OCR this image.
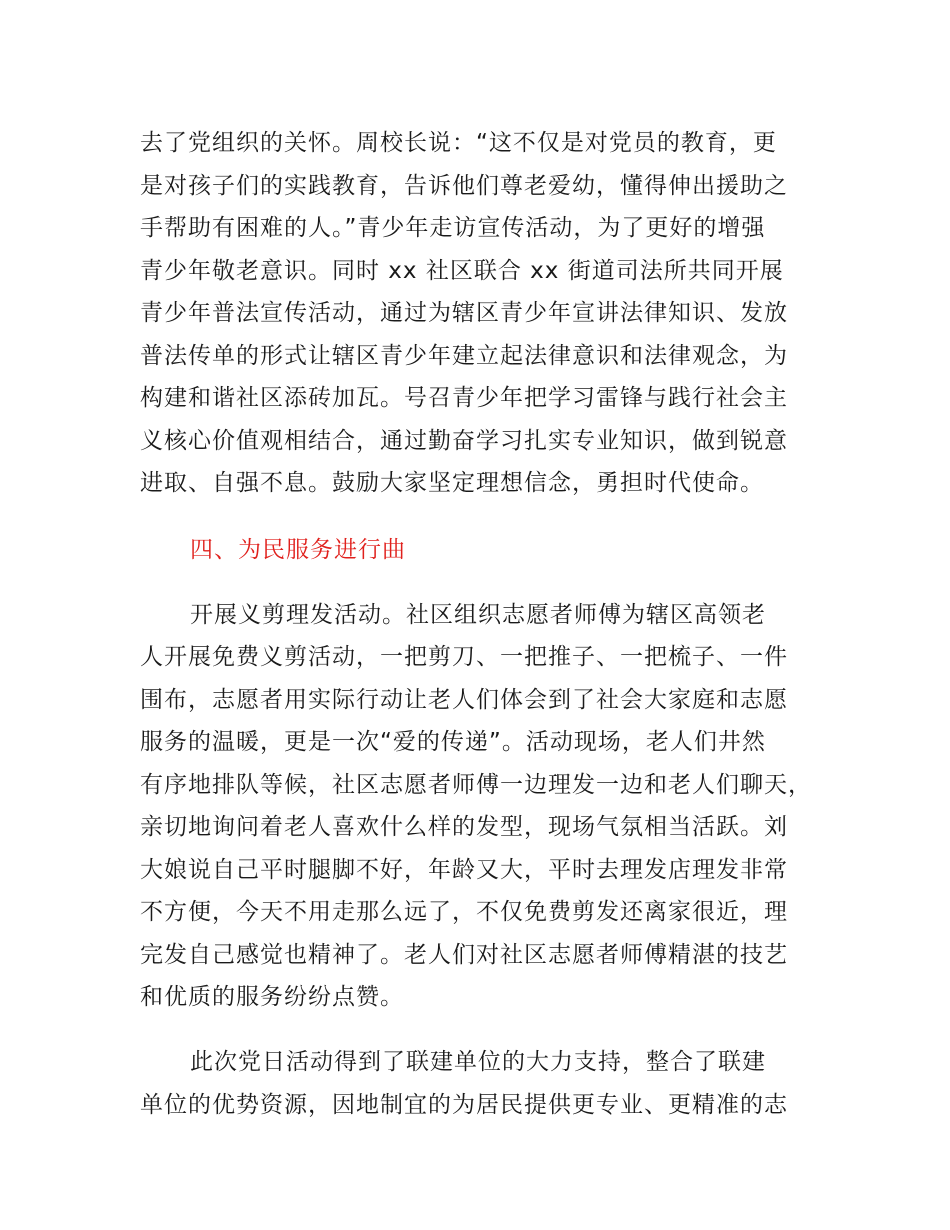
去了党组织的关怀。周校长说：“这不仅是对党员的教育，更
是对孩子们的实践教育，告诉他们尊老爱幼，懂得伸出援助之
手帮助有困难的人。”青少年走访宣传活动，为了更好的增强
青少年敬老意识。同时 xx 社区联合 xx 街道司法所共同开展
青少年普法宣传活动，通过为辖区青少年宣讲法律知识、发放
普法传单的形式让辖区青少年建立起法律意识和法律观念，为
构建和谐社区添砖加瓦。号召青少年把学习雷锋与践行社会主
义核心价值观相结合，通过勤奋学习扎实专业知识，做到锐意
进取、自强不息。鼓励大家坚定理想信念，勇担时代使命。
四、为民服务进行曲
开展义剪理发活动。社区组织志愿者师傅为辖区高领老
人开展免费义剪活动，一把剪刀、一把推子、一把梳子、一件
围布，志愿者用实际行动让老人们体会到了社会大家庭和志愿
服务的温暖，更是一次“爱的传递”。活动现场，老人们井然
有序地排队等候，社区志愿者师傅一边理发一边和老人们聊天，
亲切地询问着老人喜欢什么样的发型，现场气氛相当活跃。刘
大娘说自己平时腿脚不好，年龄又大，平时去理发店理发非常
不方便，今天不用走那么远了，不仅免费剪发还离家很近，理
完发自己感觉也精神了。老人们对社区志愿者师傅精湛的技艺
和优质的服务纷纷点赞。
此次党日活动得到了联建单位的大力支持，整合了联建
单位的优势资源，因地制宜的为居民提供更专业、更精准的志
